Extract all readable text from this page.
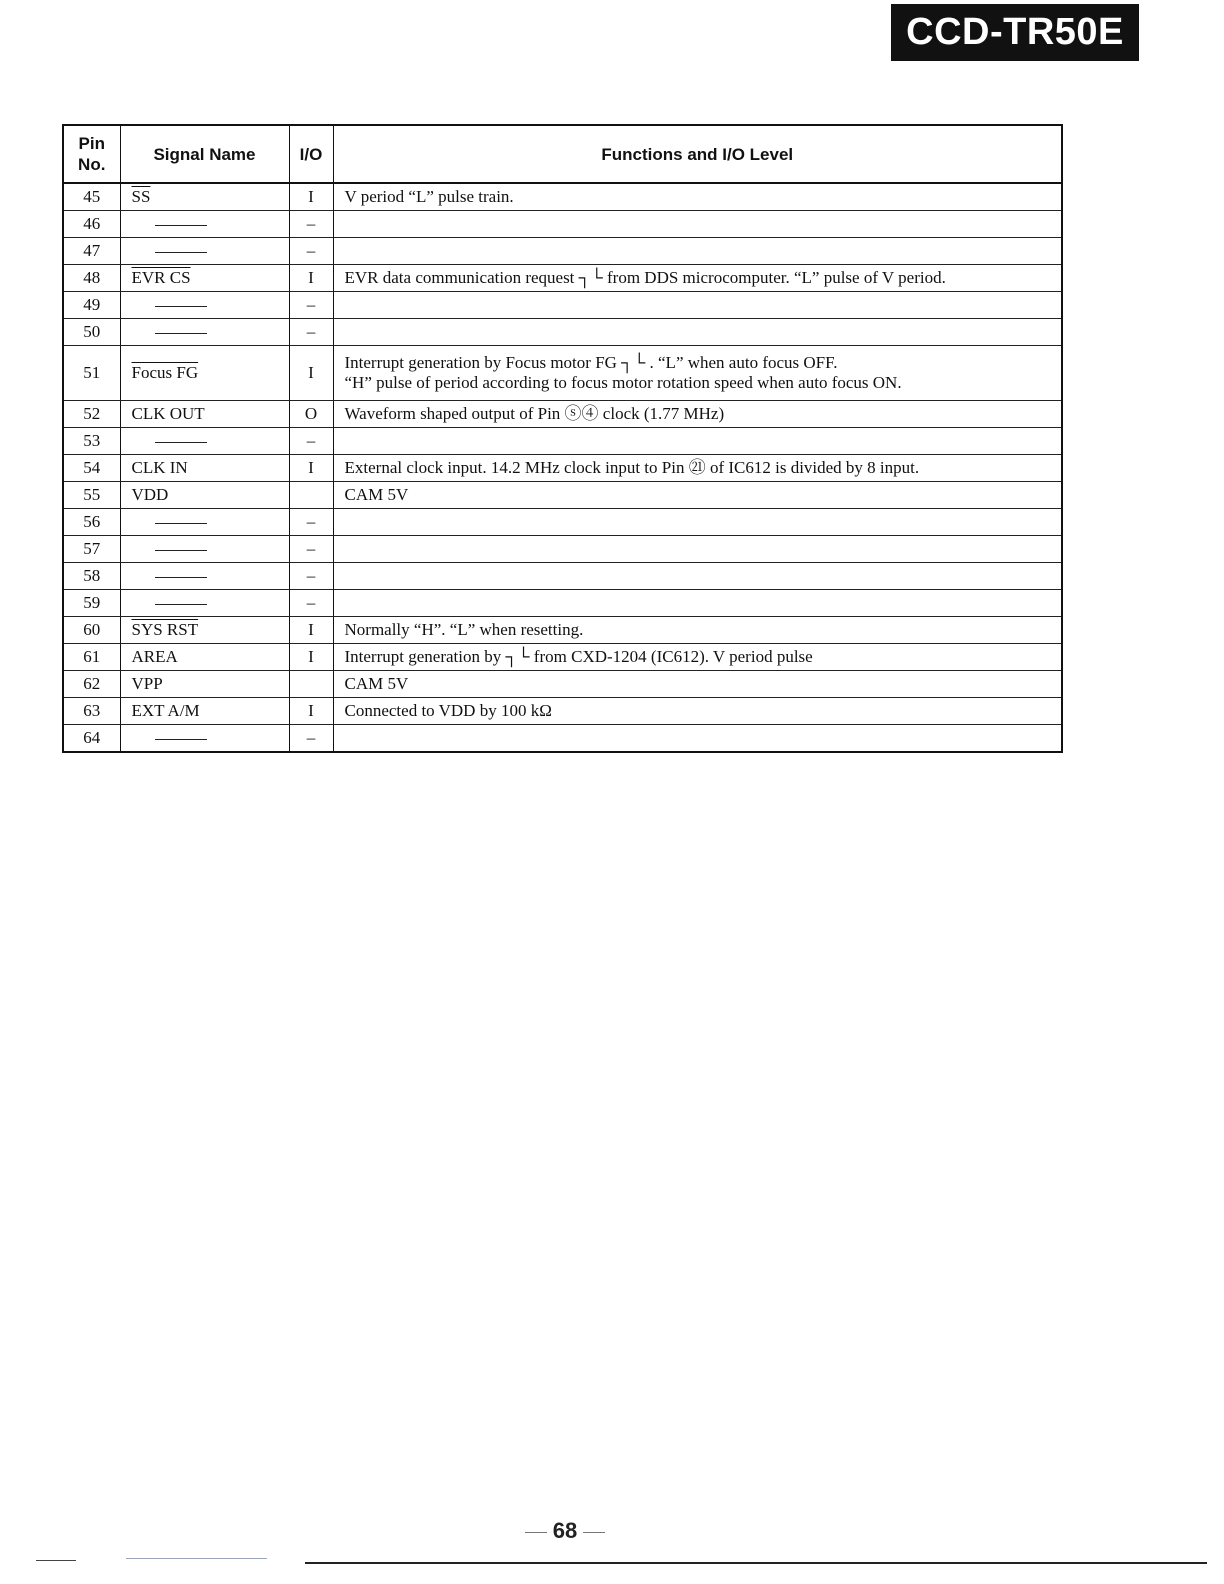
CCD-TR50E
Pin No.	Signal Name	I/O	Functions and I/O Level
45	$\overline{SS}$	I	V period “L” pulse train.

46		–	

47		–	

48	EVR CS	I	EVR data communication request ┐└ from DDS microcomputer. “L” pulse of V period.

49		–	

50		–	

51	Focus FG	I	Interrupt generation by Focus motor FG ┐└ . “L” when auto focus OFF.
“H” pulse of period according to focus motor rotation speed when auto focus ON.

52	CLK OUT	O	Waveform shaped output of Pin ⓢ④ clock (1.77 MHz)

53		–	

54	CLK IN	I	External clock input. 14.2 MHz clock input to Pin ㉑ of IC612 is divided by 8 input.

55	VDD		CAM 5V

56		–	

57		–	

58		–	

59		–	

60	SYS RST	I	Normally “H”. “L” when resetting.

61	AREA	I	Interrupt generation by ┐└ from CXD-1204 (IC612). V period pulse

62	VPP		CAM 5V

63	EXT A/M	I	Connected to VDD by 100 kΩ

64		–	
68
